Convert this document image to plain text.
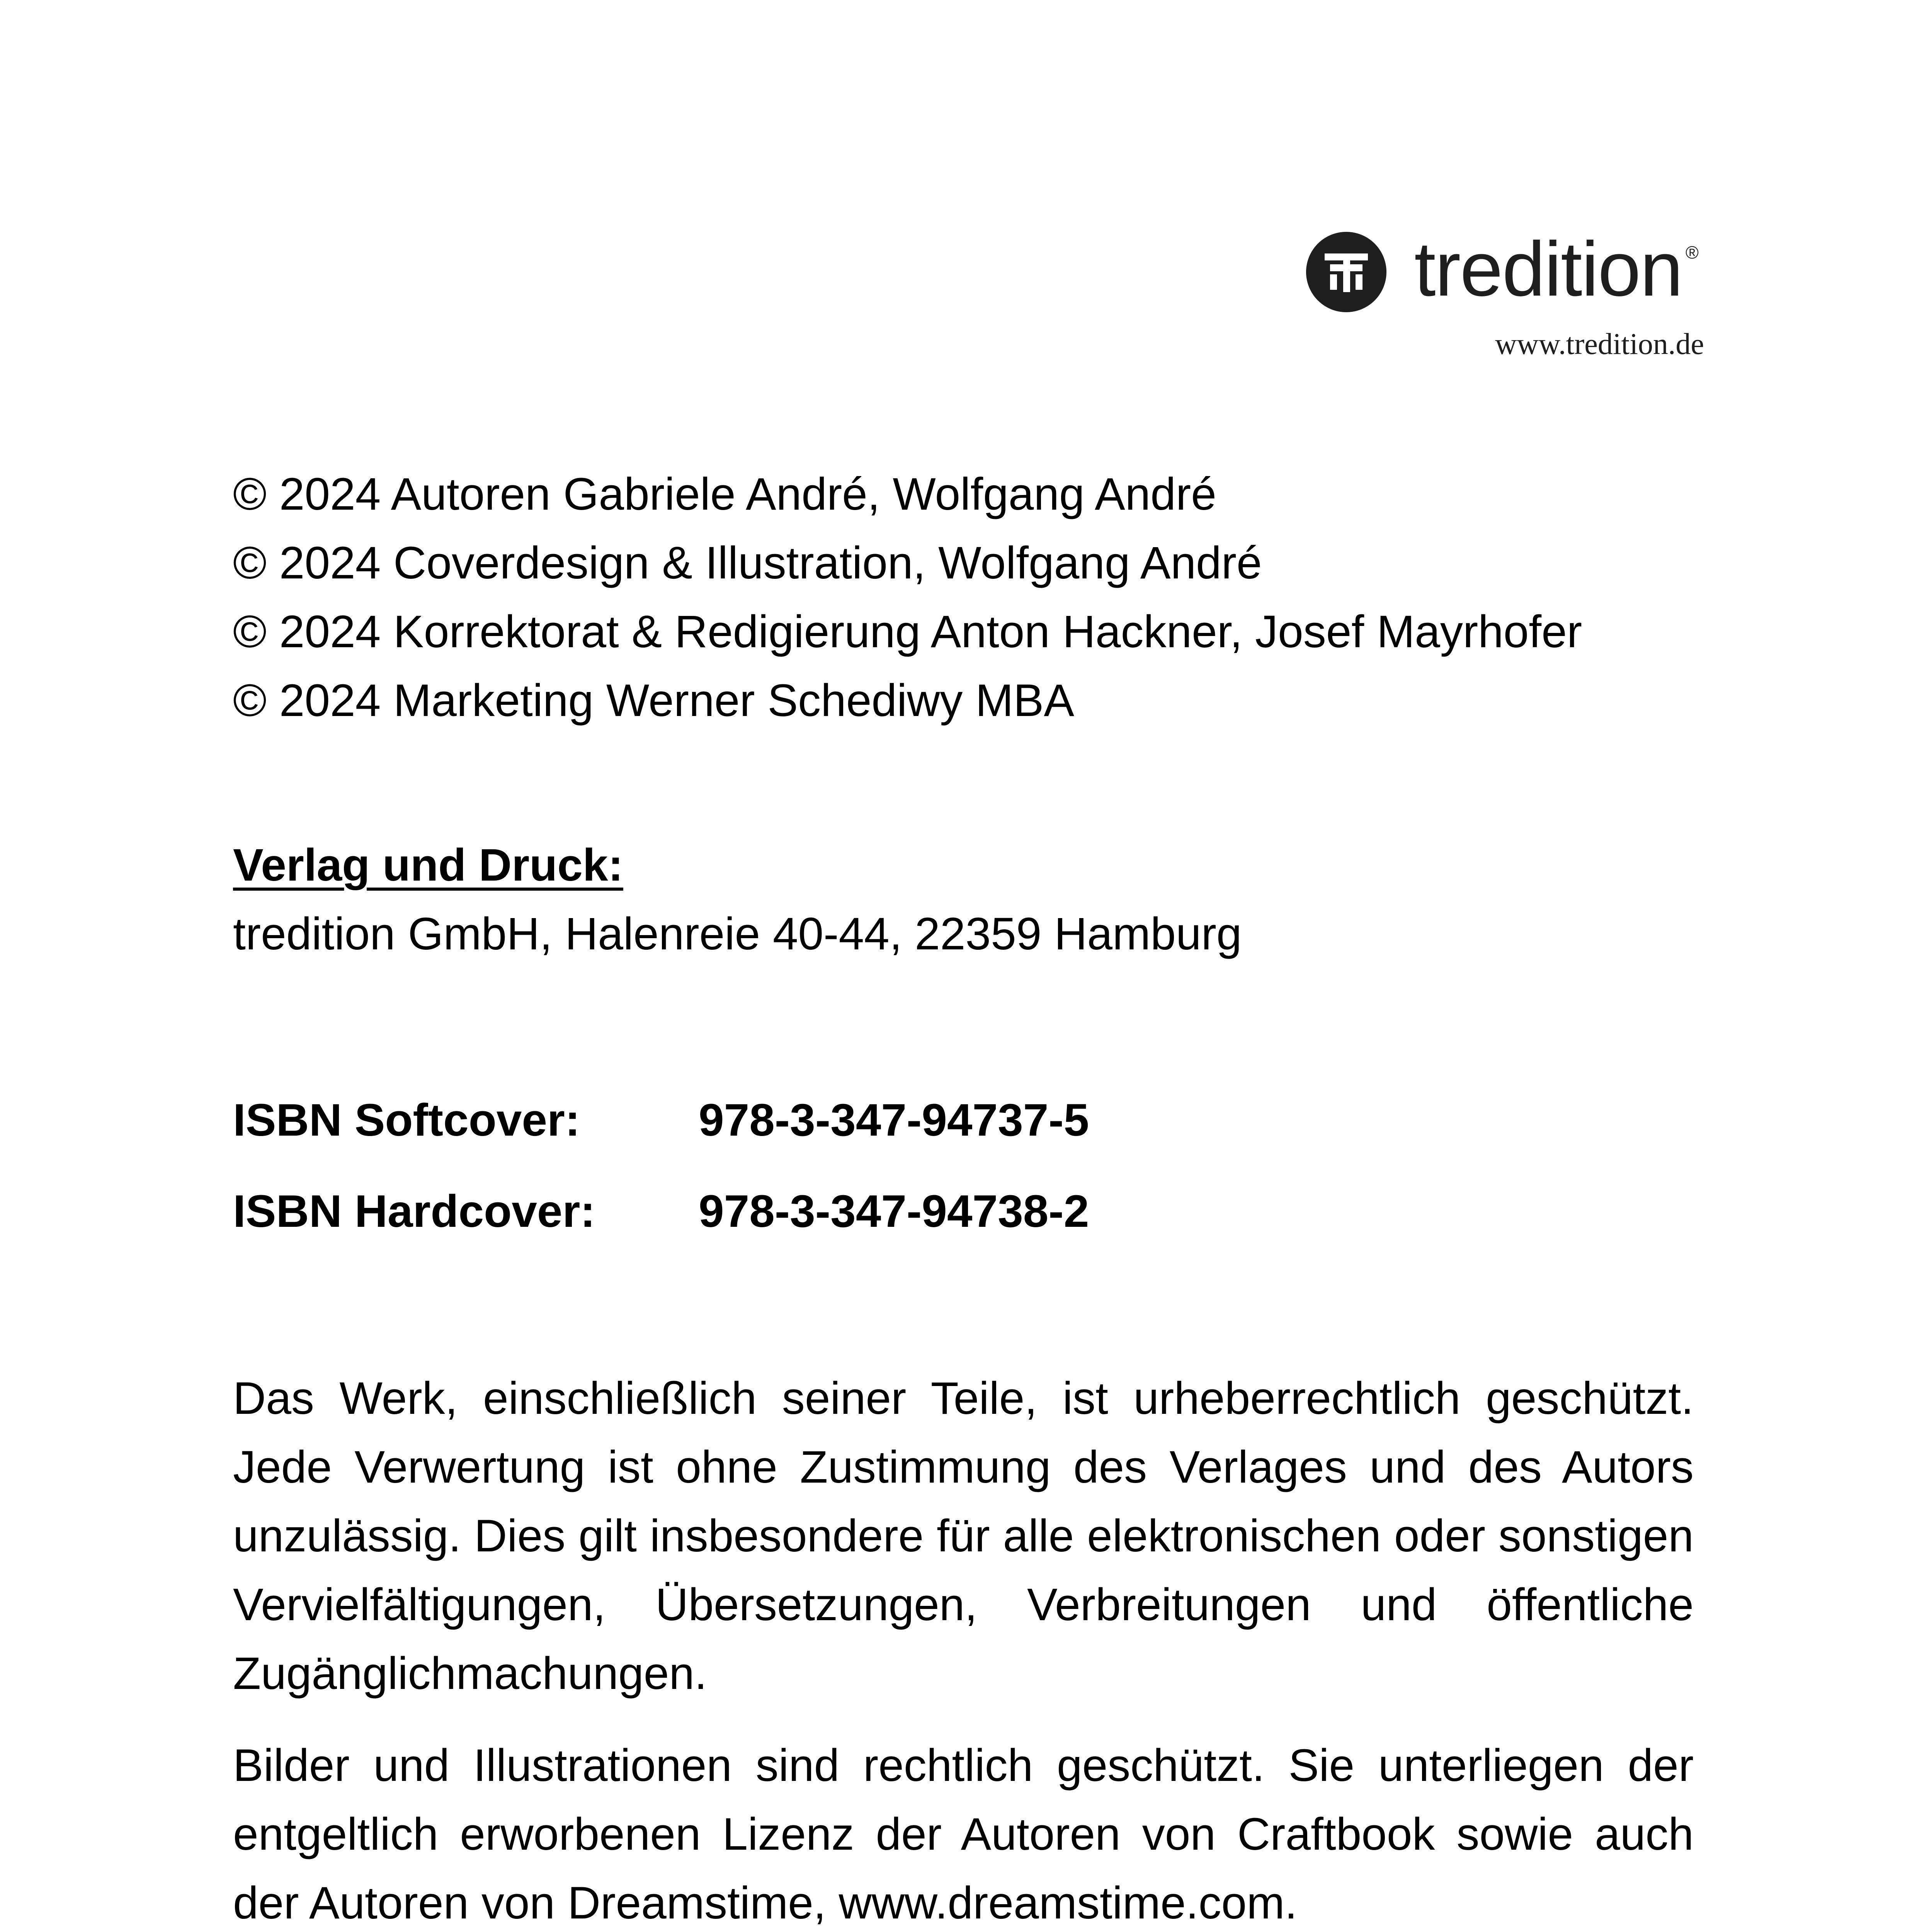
tredition ®
www.tredition.de
© 2024 Autoren Gabriele André, Wolfgang André
© 2024 Coverdesign & Illustration, Wolfgang André
© 2024 Korrektorat & Redigierung Anton Hackner, Josef Mayrhofer
© 2024 Marketing Werner Schediwy MBA
Verlag und Druck:
tredition GmbH, Halenreie 40-44, 22359 Hamburg
ISBN Softcover:	978-3-347-94737-5
ISBN Hardcover: 978-3-347-94738-2

Das Werk, einschließlich seiner Teile, ist urheberrechtlich geschützt. Jede Verwertung ist ohne Zustimmung des Verlages und des Autors unzulässig. Dies gilt insbesondere für alle elektronischen oder sonstigen Vervielfältigungen, Übersetzungen, Verbreitungen und öffentliche Zugänglichmachungen.

Bilder und Illustrationen sind rechtlich geschützt. Sie unterliegen der entgeltlich erworbenen Lizenz der Autoren von Craftbook sowie auch der Autoren von Dreamstime, www.dreamstime.com.
